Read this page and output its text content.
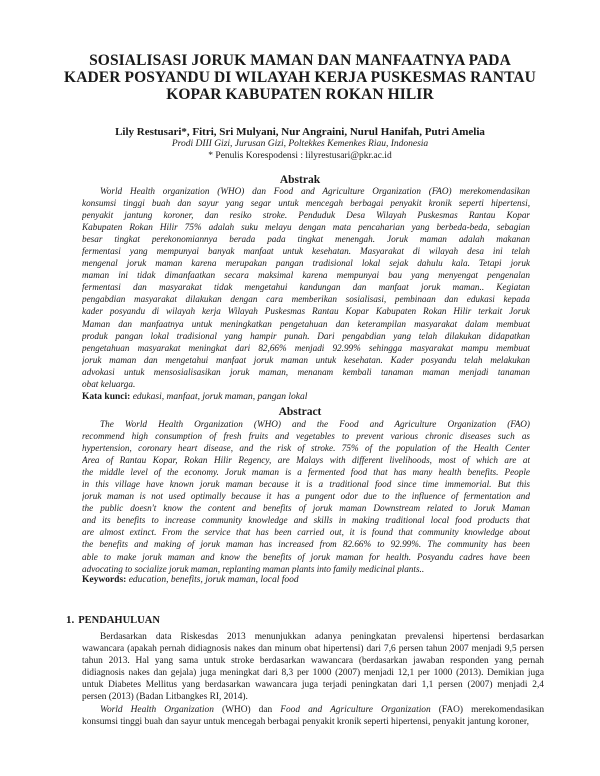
SOSIALISASI JORUK MAMAN DAN MANFAATNYA PADA
KADER POSYANDU DI WILAYAH KERJA PUSKESMAS RANTAU
KOPAR KABUPATEN ROKAN HILIR
Lily Restusari*, Fitri, Sri Mulyani, Nur Angraini, Nurul Hanifah, Putri Amelia
Prodi DIII Gizi, Jurusan Gizi, Poltekkes Kemenkes Riau, Indonesia
* Penulis Korespodensi : lilyrestusari@pkr.ac.id
Abstrak
World Health organization (WHO) dan Food and Agriculture Organization (FAO) merekomendasikan
konsumsi tinggi buah dan sayur yang segar untuk mencegah berbagai penyakit kronik seperti hipertensi,
penyakit jantung koroner, dan resiko stroke. Penduduk Desa Wilayah Puskesmas Rantau Kopar
Kabupaten Rokan Hilir 75% adalah suku melayu dengan mata pencaharian yang berbeda-beda, sebagian
besar tingkat perekonomiannya berada pada tingkat menengah. Joruk maman adalah makanan
fermentasi yang mempunyai banyak manfaat untuk kesehatan. Masyarakat di wilayah desa ini telah
mengenal joruk maman karena merupakan pangan tradisional lokal sejak dahulu kala. Tetapi joruk
maman ini tidak dimanfaatkan secara maksimal karena mempunyai bau yang menyengat pengenalan
fermentasi dan masyarakat tidak mengetahui kandungan dan manfaat joruk maman.. Kegiatan
pengabdian masyarakat dilakukan dengan cara memberikan sosialisasi, pembinaan dan edukasi kepada
kader posyandu di wilayah kerja Wilayah Puskesmas Rantau Kopar Kabupaten Rokan Hilir terkait Joruk
Maman dan manfaatnya untuk meningkatkan pengetahuan dan keterampilan masyarakat dalam membuat
produk pangan lokal tradisional yang hampir punah. Dari pengabdian yang telah dilakukan didapatkan
pengetahuan masyarakat meningkat dari 82,66% menjadi 92.99% sehingga masyarakat mampu membuat
joruk maman dan mengetahui manfaat joruk maman untuk kesehatan. Kader posyandu telah melakukan
advokasi untuk mensosialisasikan joruk maman, menanam kembali tanaman maman menjadi tanaman
obat keluarga.
Kata kunci: edukasi, manfaat, joruk maman, pangan lokal
Abstract
The World Health Organization (WHO) and the Food and Agriculture Organization (FAO)
recommend high consumption of fresh fruits and vegetables to prevent various chronic diseases such as
hypertension, coronary heart disease, and the risk of stroke. 75% of the population of the Health Center
Area of Rantau Kopar, Rokan Hilir Regency, are Malays with different livelihoods, most of which are at
the middle level of the economy. Joruk maman is a fermented food that has many health benefits. People
in this village have known joruk maman because it is a traditional food since time immemorial. But this
joruk maman is not used optimally because it has a pungent odor due to the influence of fermentation and
the public doesn't know the content and benefits of joruk maman Downstream related to Joruk Maman
and its benefits to increase community knowledge and skills in making traditional local food products that
are almost extinct. From the service that has been carried out, it is found that community knowledge about
the benefits and making of joruk maman has increased from 82.66% to 92.99%. The community has been
able to make joruk maman and know the benefits of joruk maman for health. Posyandu cadres have been
advocating to socialize joruk maman, replanting maman plants into family medicinal plants..
Keywords: education, benefits, joruk maman, local food
1. PENDAHULUAN
Berdasarkan data Riskesdas 2013 menunjukkan adanya peningkatan prevalensi hipertensi berdasarkan
wawancara (apakah pernah didiagnosis nakes dan minum obat hipertensi) dari 7,6 persen tahun 2007 menjadi 9,5 persen
tahun 2013. Hal yang sama untuk stroke berdasarkan wawancara (berdasarkan jawaban responden yang pernah
didiagnosis nakes dan gejala) juga meningkat dari 8,3 per 1000 (2007) menjadi 12,1 per 1000 (2013). Demikian juga
untuk Diabetes Mellitus yang berdasarkan wawancara juga terjadi peningkatan dari 1,1 persen (2007) menjadi 2,4
persen (2013) (Badan Litbangkes RI, 2014).
World Health Organization (WHO) dan Food and Agriculture Organization (FAO) merekomendasikan
konsumsi tinggi buah dan sayur untuk mencegah berbagai penyakit kronik seperti hipertensi, penyakit jantung koroner,
